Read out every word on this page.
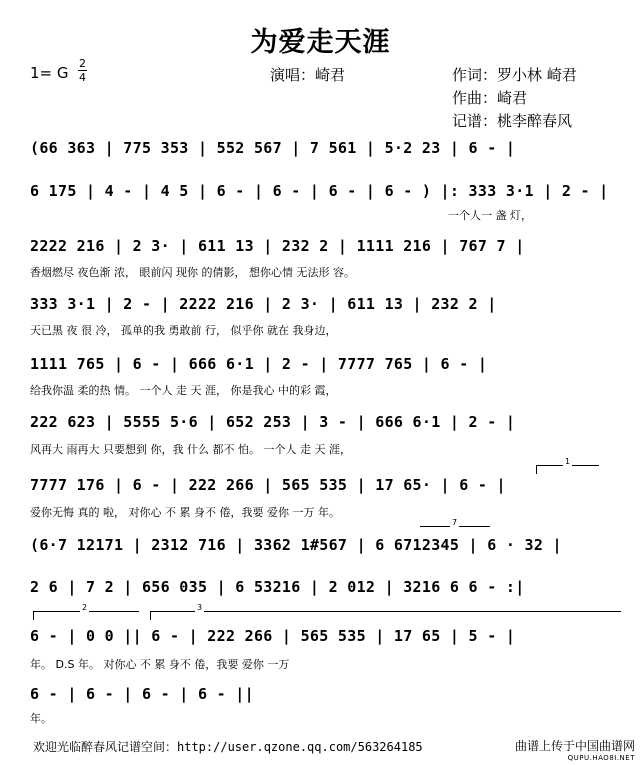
为爱走天涯
1= G
2
4	演唱：崎君	作词：罗小林 崎君
作曲：崎君
记谱：桃李醉春风
(66 363 | 775 353 | 552 567 | 7 561 | 5·2 23 | 6 - |
6 175 | 4 - | 4 5 | 6 - | 6 - | 6 - | 6 - ) |: 333 3·1 | 2 - |
一个人一 盏 灯，
2222 216 | 2 3· | 611 13 | 232 2 | 1111 216 | 767 7 |
香烟燃尽 夜色渐 浓， 眼前闪 现你 的倩影， 想你心情 无法形 容。
333 3·1 | 2 - | 2222 216 | 2 3· | 611 13 | 232 2 |
天已黑 夜 很 冷， 孤单的我 勇敢前 行， 似乎你 就在 我身边，
1111 765 | 6 - | 666 6·1 | 2 - | 7777 765 | 6 - |
给我你温 柔的热 情。 一个人 走 天 涯， 你是我心 中的彩 霞，
222 623 | 5555 5·6 | 652 253 | 3 - | 666 6·1 | 2 - |
风再大 雨再大 只要想到 你，我 什么 都不 怕。 一个人 走 天 涯，
1
7777 176 | 6 - | 222 266 | 565 535 | 17 65· | 6 - |
爱你无悔 真的 啦， 对你心 不 累 身不 倦，我要 爱你 一万 年。
7
(6·7 12171 | 2312 716 | 3362 1#567 | 6 6712345 | 6 · 32 |
2 6 | 7 2 | 656 035 | 6 53216 | 2 012 | 3216 6 6 - :|
2	3
6 - | 0 0 || 6 - | 222 266 | 565 535 | 17 65 | 5 - |
年。 D.S 年。 对你心 不 累 身不 倦，我要 爱你 一万
6 - | 6 - | 6 - | 6 - ||
年。
欢迎光临醉春风记谱空间：http://user.qzone.qq.com/563264185	曲谱上传于中国曲谱网
QUPU.HAO8I.NET
